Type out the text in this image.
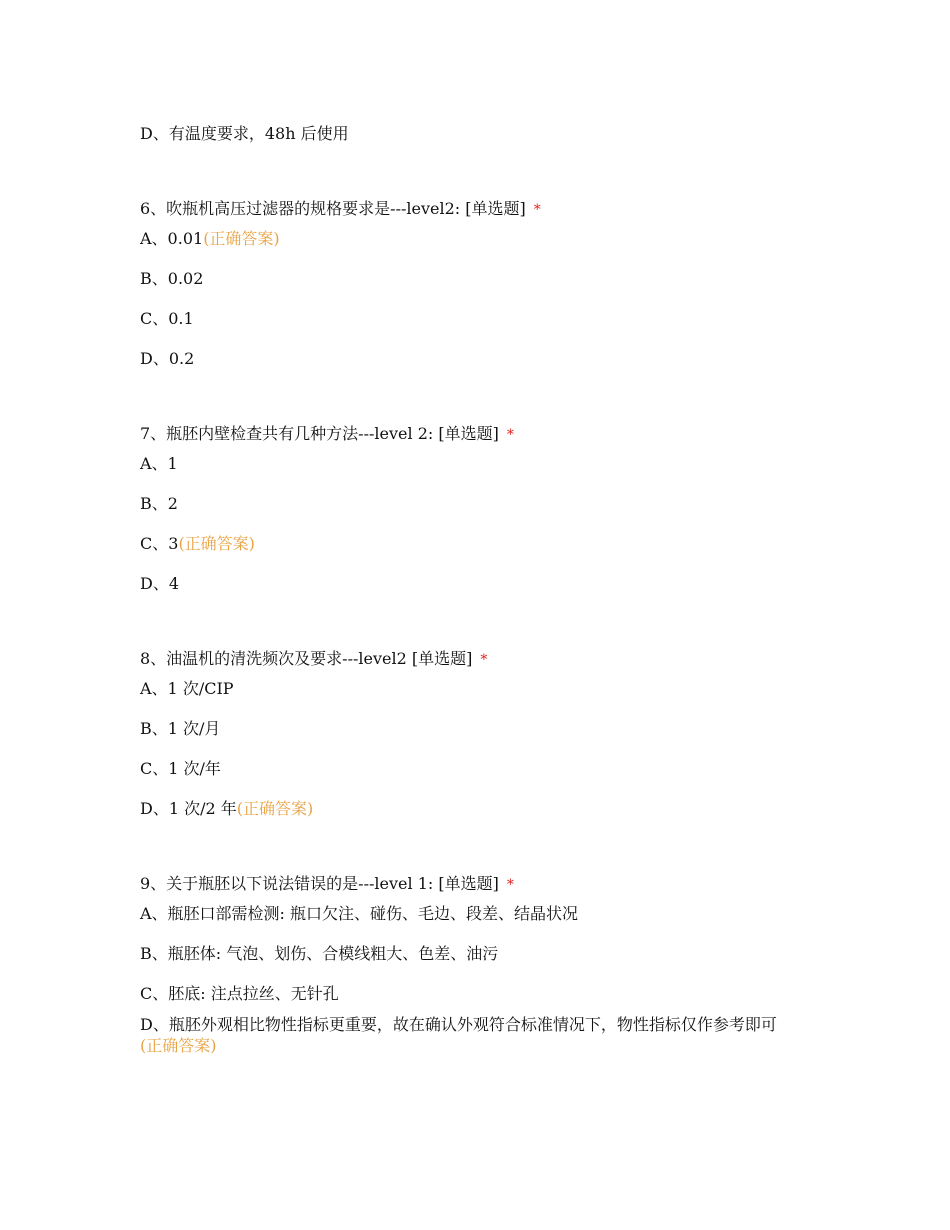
D、有温度要求，48h 后使用
6、吹瓶机高压过滤器的规格要求是---level2: [单选题] *
A、0.01(正确答案)
B、0.02
C、0.1
D、0.2
7、瓶胚内壁检查共有几种方法---level 2: [单选题] *
A、1
B、2
C、3(正确答案)
D、4
8、油温机的清洗频次及要求---level2 [单选题] *
A、1 次/CIP
B、1 次/月
C、1 次/年
D、1 次/2 年(正确答案)
9、关于瓶胚以下说法错误的是---level 1: [单选题] *
A、瓶胚口部需检测: 瓶口欠注、碰伤、毛边、段差、结晶状况
B、瓶胚体: 气泡、划伤、合模线粗大、色差、油污
C、胚底: 注点拉丝、无针孔
D、瓶胚外观相比物性指标更重要，故在确认外观符合标准情况下，物性指标仅作参考即可(正确答案)
